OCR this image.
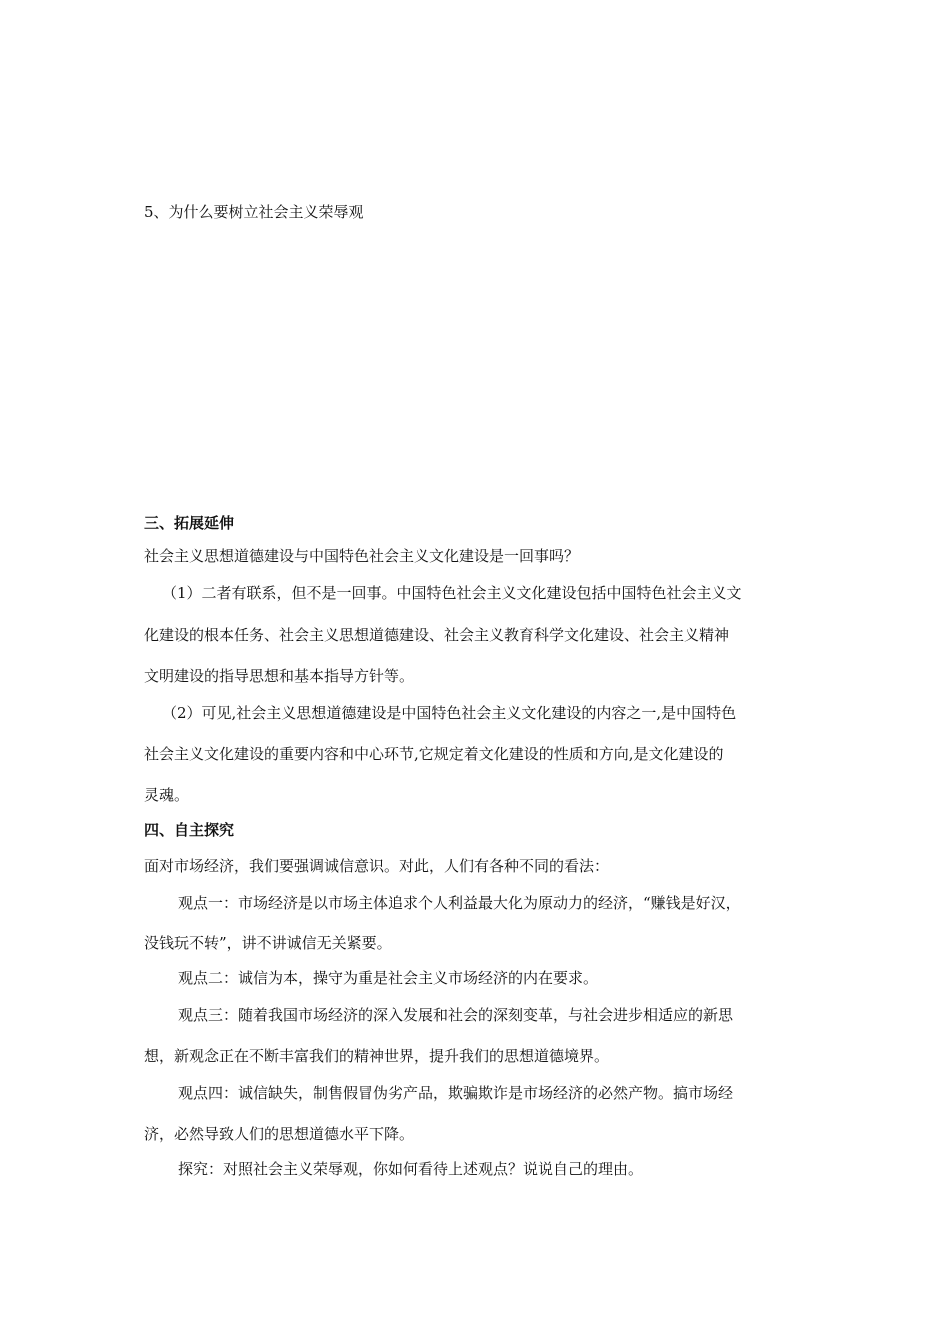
5、为什么要树立社会主义荣辱观
三、拓展延伸
社会主义思想道德建设与中国特色社会主义文化建设是一回事吗？
（1）二者有联系，但不是一回事。中国特色社会主义文化建设包括中国特色社会主义文
化建设的根本任务、社会主义思想道德建设、社会主义教育科学文化建设、社会主义精神
文明建设的指导思想和基本指导方针等。
（2）可见,社会主义思想道德建设是中国特色社会主义文化建设的内容之一,是中国特色
社会主义文化建设的重要内容和中心环节,它规定着文化建设的性质和方向,是文化建设的
灵魂。
四、自主探究
面对市场经济，我们要强调诚信意识。对此，人们有各种不同的看法：
观点一：市场经济是以市场主体追求个人利益最大化为原动力的经济，“赚钱是好汉，
没钱玩不转”，讲不讲诚信无关紧要。
观点二：诚信为本，操守为重是社会主义市场经济的内在要求。
观点三：随着我国市场经济的深入发展和社会的深刻变革，与社会进步相适应的新思
想，新观念正在不断丰富我们的精神世界，提升我们的思想道德境界。
观点四：诚信缺失，制售假冒伪劣产品，欺骗欺诈是市场经济的必然产物。搞市场经
济，必然导致人们的思想道德水平下降。
探究：对照社会主义荣辱观，你如何看待上述观点？说说自己的理由。
